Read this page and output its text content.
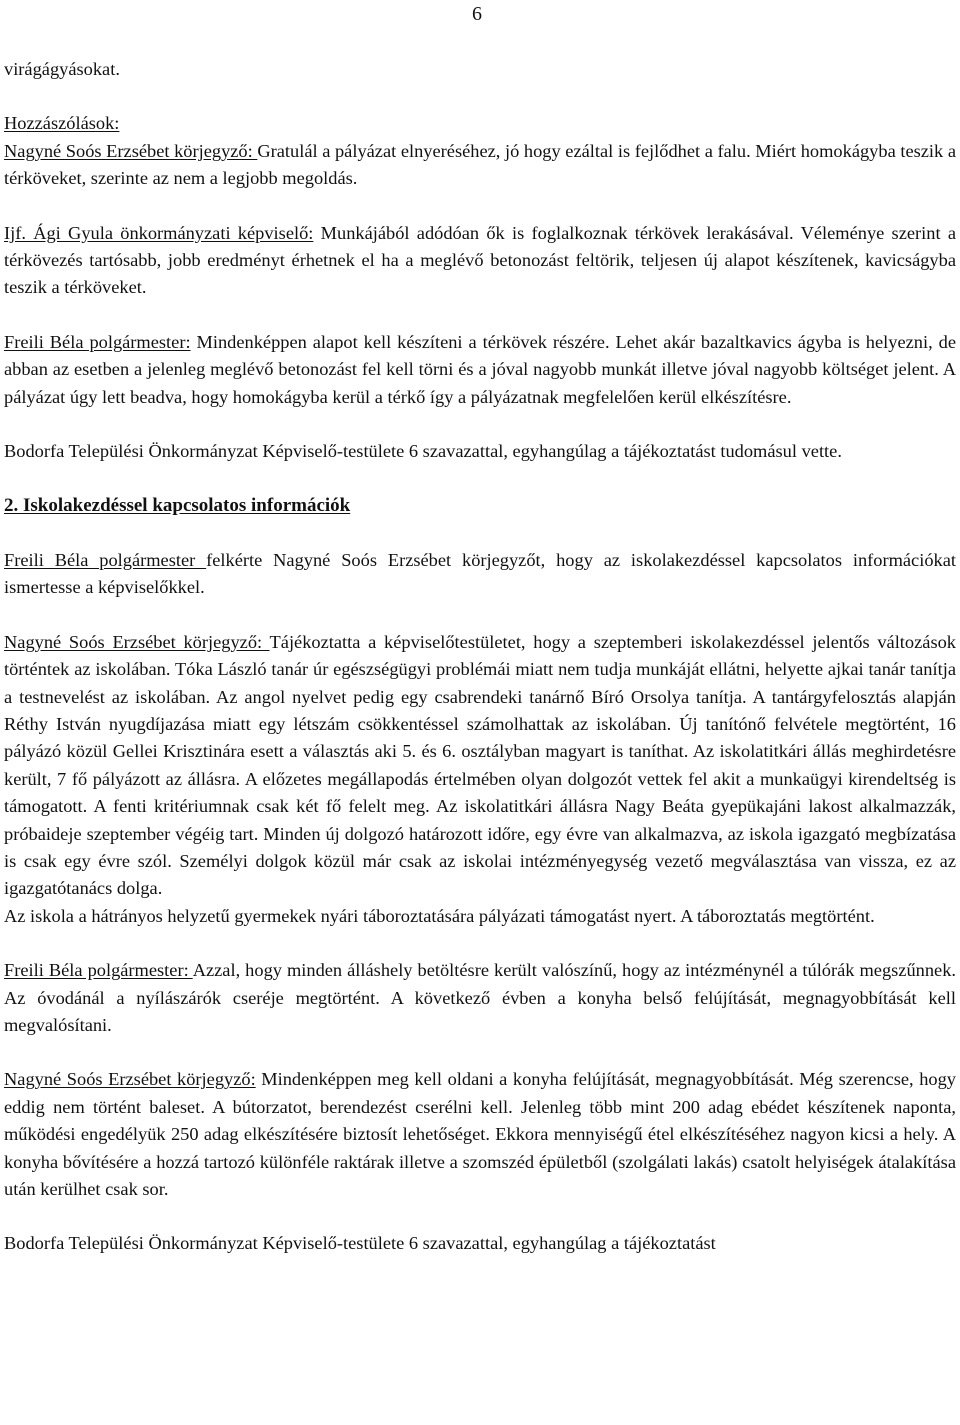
6

virágágyásokat.

Hozzászólások:

Nagyné Soós Erzsébet körjegyző: Gratulál a pályázat elnyeréséhez, jó hogy ezáltal is fejlődhet a falu. Miért homokágyba teszik a térköveket, szerinte az nem a legjobb megoldás.

Ijf. Ági Gyula önkormányzati képviselő: Munkájából adódóan ők is foglalkoznak térkövek lerakásával. Véleménye szerint a térkövezés tartósabb, jobb eredményt érhetnek el ha a meglévő betonozást feltörik, teljesen új alapot készítenek, kavicságyba teszik a térköveket.

Freili Béla polgármester: Mindenképpen alapot kell készíteni a térkövek részére. Lehet akár bazaltkavics ágyba is helyezni, de abban az esetben a jelenleg meglévő betonozást fel kell törni és a jóval nagyobb munkát illetve jóval nagyobb költséget jelent. A pályázat úgy lett beadva, hogy homokágyba kerül a térkő így a pályázatnak megfelelően kerül elkészítésre.

Bodorfa Települési Önkormányzat Képviselő-testülete 6 szavazattal, egyhangúlag a tájékoztatást tudomásul vette.

2. Iskolakezdéssel kapcsolatos információk

Freili Béla polgármester felkérte Nagyné Soós Erzsébet körjegyzőt, hogy az iskolakezdéssel kapcsolatos információkat ismertesse a képviselőkkel.

Nagyné Soós Erzsébet körjegyző: Tájékoztatta a képviselőtestületet, hogy a szeptemberi iskolakezdéssel jelentős változások történtek az iskolában. Tóka László tanár úr egészségügyi problémái miatt nem tudja munkáját ellátni, helyette ajkai tanár tanítja a testnevelést az iskolában. Az angol nyelvet pedig egy csabrendeki tanárnő Bíró Orsolya tanítja. A tantárgyfelosztás alapján Réthy István nyugdíjazása miatt egy létszám csökkentéssel számolhattak az iskolában. Új tanítónő felvétele megtörtént, 16 pályázó közül Gellei Krisztinára esett a választás aki 5. és 6. osztályban magyart is taníthat. Az iskolatitkári állás meghirdetésre került, 7 fő pályázott az állásra. A előzetes megállapodás értelmében olyan dolgozót vettek fel akit a munkaügyi kirendeltség is támogatott. A fenti kritériumnak csak két fő felelt meg. Az iskolatitkári állásra Nagy Beáta gyepükajáni lakost alkalmazzák, próbaideje szeptember végéig tart. Minden új dolgozó határozott időre, egy évre van alkalmazva, az iskola igazgató megbízatása is csak egy évre szól. Személyi dolgok közül már csak az iskolai intézményegység vezető megválasztása van vissza, ez az igazgatótanács dolga.

Az iskola a hátrányos helyzetű gyermekek nyári táboroztatására pályázati támogatást nyert. A táboroztatás megtörtént.

Freili Béla polgármester: Azzal, hogy minden álláshely betöltésre került valószínű, hogy az intézménynél a túlórák megszűnnek. Az óvodánál a nyílászárók cseréje megtörtént. A következő évben a konyha belső felújítását, megnagyobbítását kell megvalósítani.

Nagyné Soós Erzsébet körjegyző: Mindenképpen meg kell oldani a konyha felújítását, megnagyobbítását. Még szerencse, hogy eddig nem történt baleset. A bútorzatot, berendezést cserélni kell. Jelenleg több mint 200 adag ebédet készítenek naponta, működési engedélyük 250 adag elkészítésére biztosít lehetőséget. Ekkora mennyiségű étel elkészítéséhez nagyon kicsi a hely. A konyha bővítésére a hozzá tartozó különféle raktárak illetve a szomszéd épületből (szolgálati lakás) csatolt helyiségek átalakítása után kerülhet csak sor.

Bodorfa Települési Önkormányzat Képviselő-testülete 6 szavazattal, egyhangúlag a tájékoztatást
